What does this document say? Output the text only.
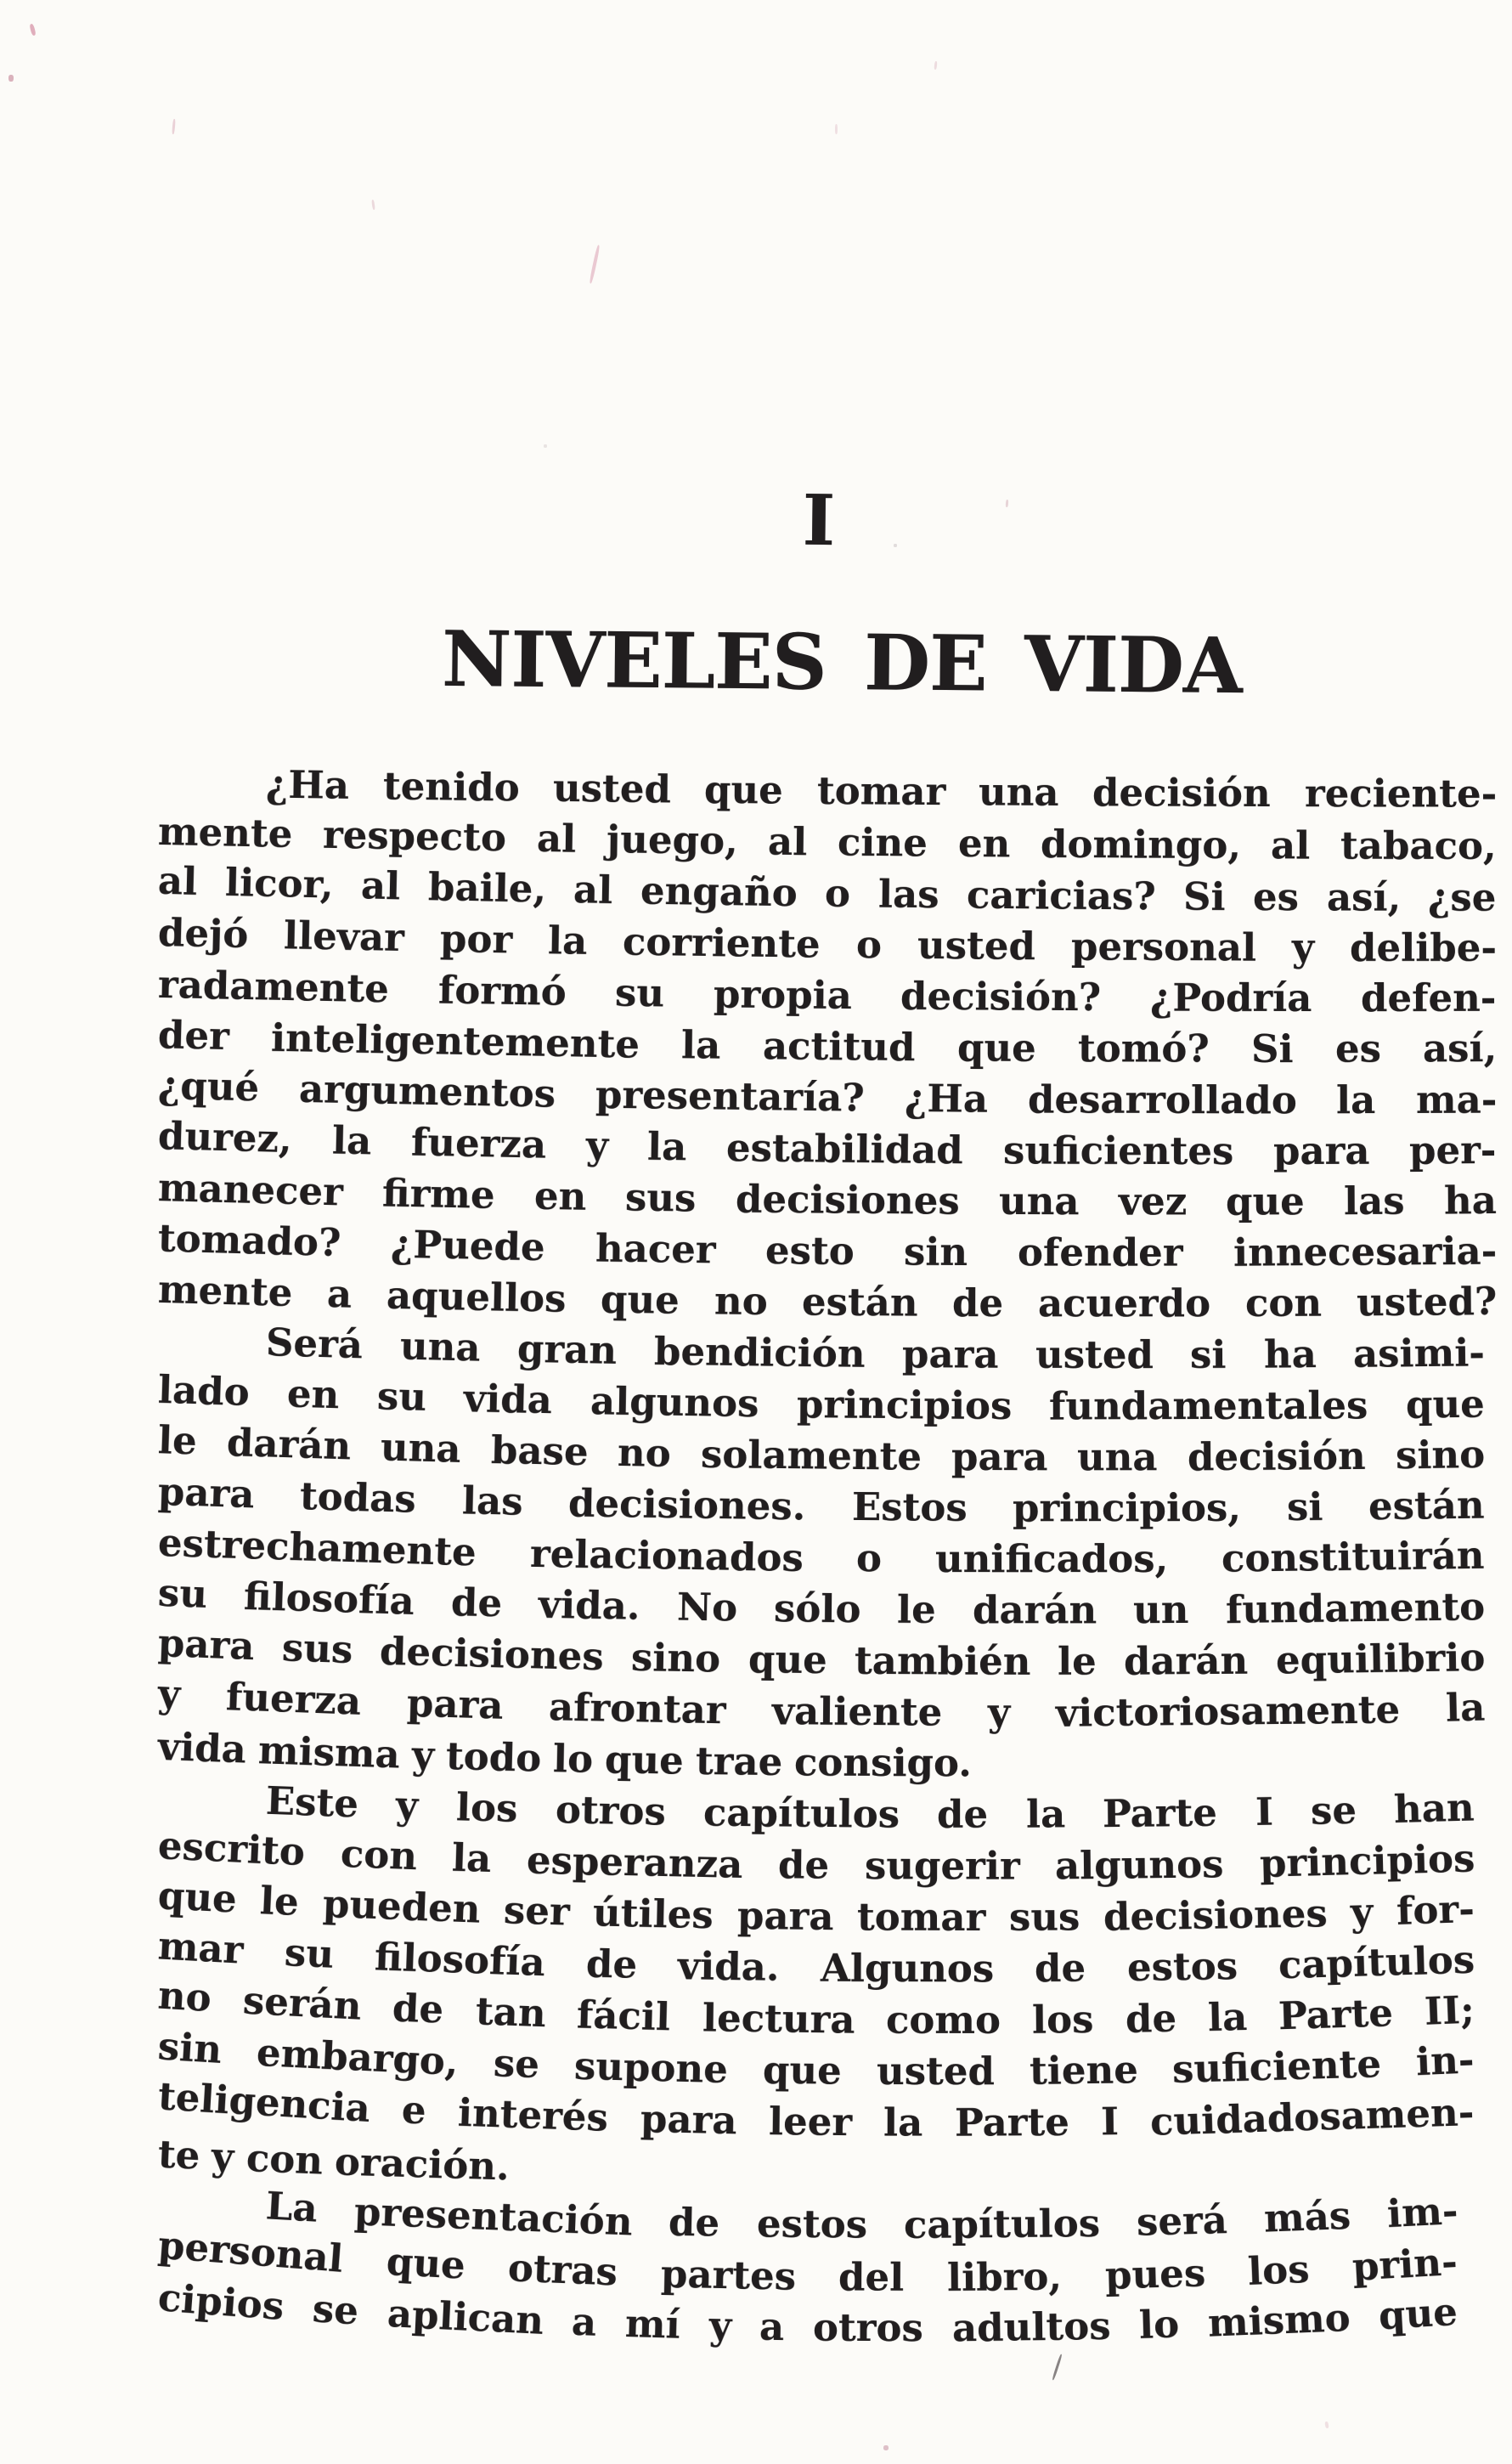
I
NIVELES DE VIDA
¿Ha tenido usted que tomar una decisión reciente-
mente respecto al juego, al cine en domingo, al tabaco,
al licor, al baile, al engaño o las caricias? Si es así, ¿se
dejó llevar por la corriente o usted personal y delibe-
radamente formó su propia decisión? ¿Podría defen-
der inteligentemente la actitud que tomó? Si es así,
¿qué argumentos presentaría? ¿Ha desarrollado la ma-
durez, la fuerza y la estabilidad suficientes para per-
manecer firme en sus decisiones una vez que las ha
tomado? ¿Puede hacer esto sin ofender innecesaria-
mente a aquellos que no están de acuerdo con usted?
Será una gran bendición para usted si ha asimi-
lado en su vida algunos principios fundamentales que
le darán una base no solamente para una decisión sino
para todas las decisiones. Estos principios, si están
estrechamente relacionados o unificados, constituirán
su filosofía de vida. No sólo le darán un fundamento
para sus decisiones sino que también le darán equilibrio
y fuerza para afrontar valiente y victoriosamente la
vida misma y todo lo que trae consigo.
Este y los otros capítulos de la Parte I se han
escrito con la esperanza de sugerir algunos principios
que le pueden ser útiles para tomar sus decisiones y for-
mar su filosofía de vida. Algunos de estos capítulos
no serán de tan fácil lectura como los de la Parte II;
sin embargo, se supone que usted tiene suficiente in-
teligencia e interés para leer la Parte I cuidadosamen-
te y con oración.
La presentación de estos capítulos será más im-
personal que otras partes del libro, pues los prin-
cipios se aplican a mí y a otros adultos lo mismo que
